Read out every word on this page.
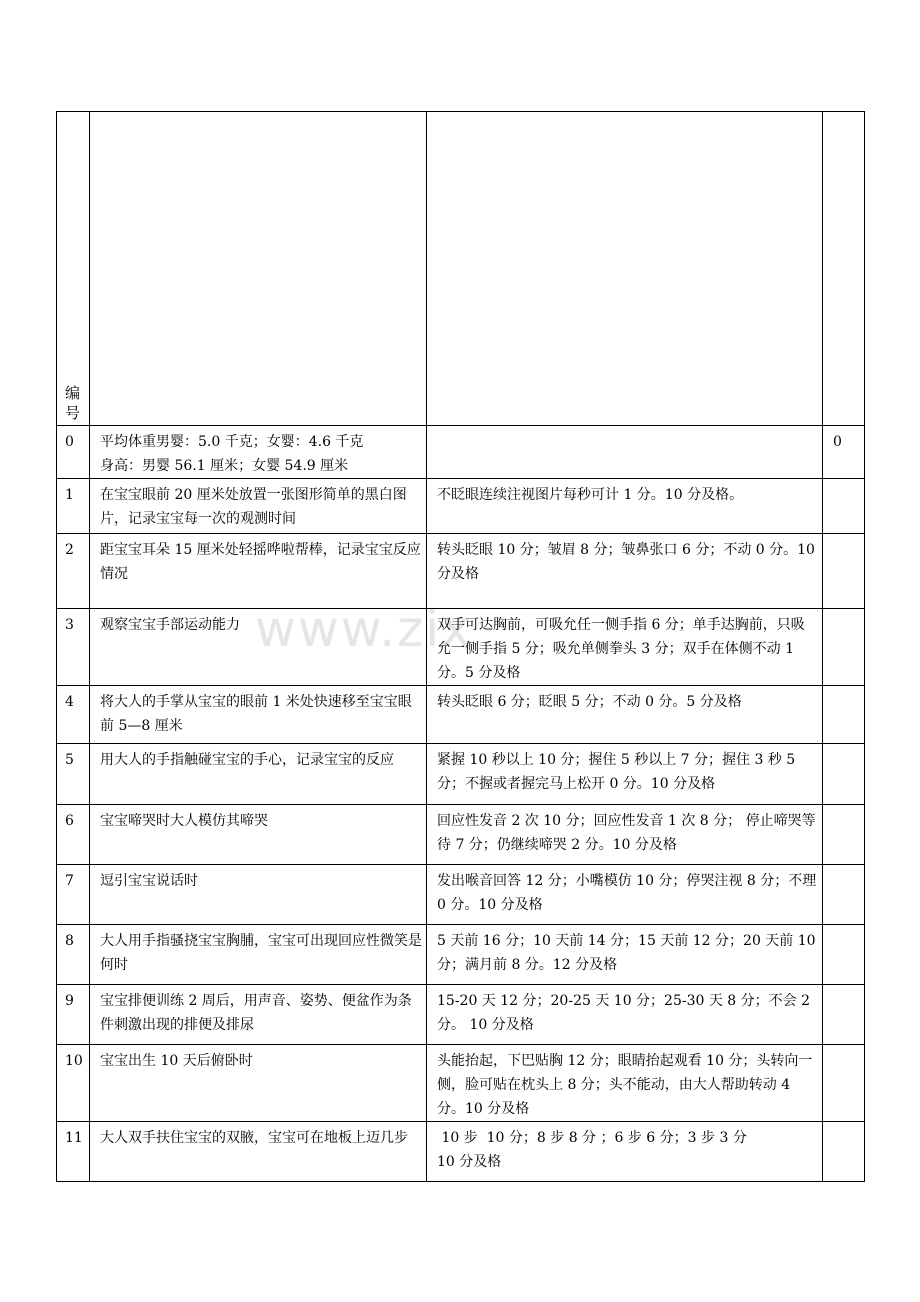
www.zix
编
号			

0	平均体重男婴：5.0 千克；女婴：4.6 千克
身高：男婴 56.1 厘米；女婴 54.9 厘米		0
1	在宝宝眼前 20 厘米处放置一张图形简单的黑白图片，记录宝宝每一次的观测时间	不眨眼连续注视图片每秒可计 1 分。10 分及格。	
2	距宝宝耳朵 15 厘米处轻摇哗啦帮棒，记录宝宝反应情况	转头眨眼 10 分；皱眉 8 分；皱鼻张口 6 分；不动 0 分。10 分及格	
3	观察宝宝手部运动能力	双手可达胸前，可吸允任一侧手指 6 分；单手达胸前，只吸允一侧手指 5 分；吸允单侧拳头 3 分；双手在体侧不动 1 分。5 分及格	
4	将大人的手掌从宝宝的眼前 1 米处快速移至宝宝眼前 5—8 厘米	转头眨眼 6 分；眨眼 5 分；不动 0 分。5 分及格	
5	用大人的手指触碰宝宝的手心，记录宝宝的反应	紧握 10 秒以上 10 分；握住 5 秒以上 7 分；握住 3 秒 5 分；不握或者握完马上松开 0 分。10 分及格	
6	宝宝啼哭时大人模仿其啼哭	回应性发音 2 次 10 分；回应性发音 1 次 8 分； 停止啼哭等待 7 分；仍继续啼哭 2 分。10 分及格	
7	逗引宝宝说话时	发出喉音回答 12 分；小嘴模仿 10 分；停哭注视 8 分；不理 0 分。10 分及格	
8	大人用手指骚挠宝宝胸脯，宝宝可出现回应性微笑是何时	5 天前 16 分；10 天前 14 分；15 天前 12 分；20 天前 10 分；满月前 8 分。12 分及格	
9	宝宝排便训练 2 周后，用声音、姿势、便盆作为条件刺激出现的排便及排尿	15-20 天 12 分；20-25 天 10 分；25-30 天 8 分；不会 2 分。 10 分及格	
10	宝宝出生 10 天后俯卧时	头能抬起，下巴贴胸 12 分；眼睛抬起观看 10 分；头转向一侧，脸可贴在枕头上 8 分；头不能动，由大人帮助转动 4 分。10 分及格	
11	大人双手扶住宝宝的双腋，宝宝可在地板上迈几步	10 步  10 分；8 步 8 分 ；6 步 6 分；3 步 3 分
10 分及格	
